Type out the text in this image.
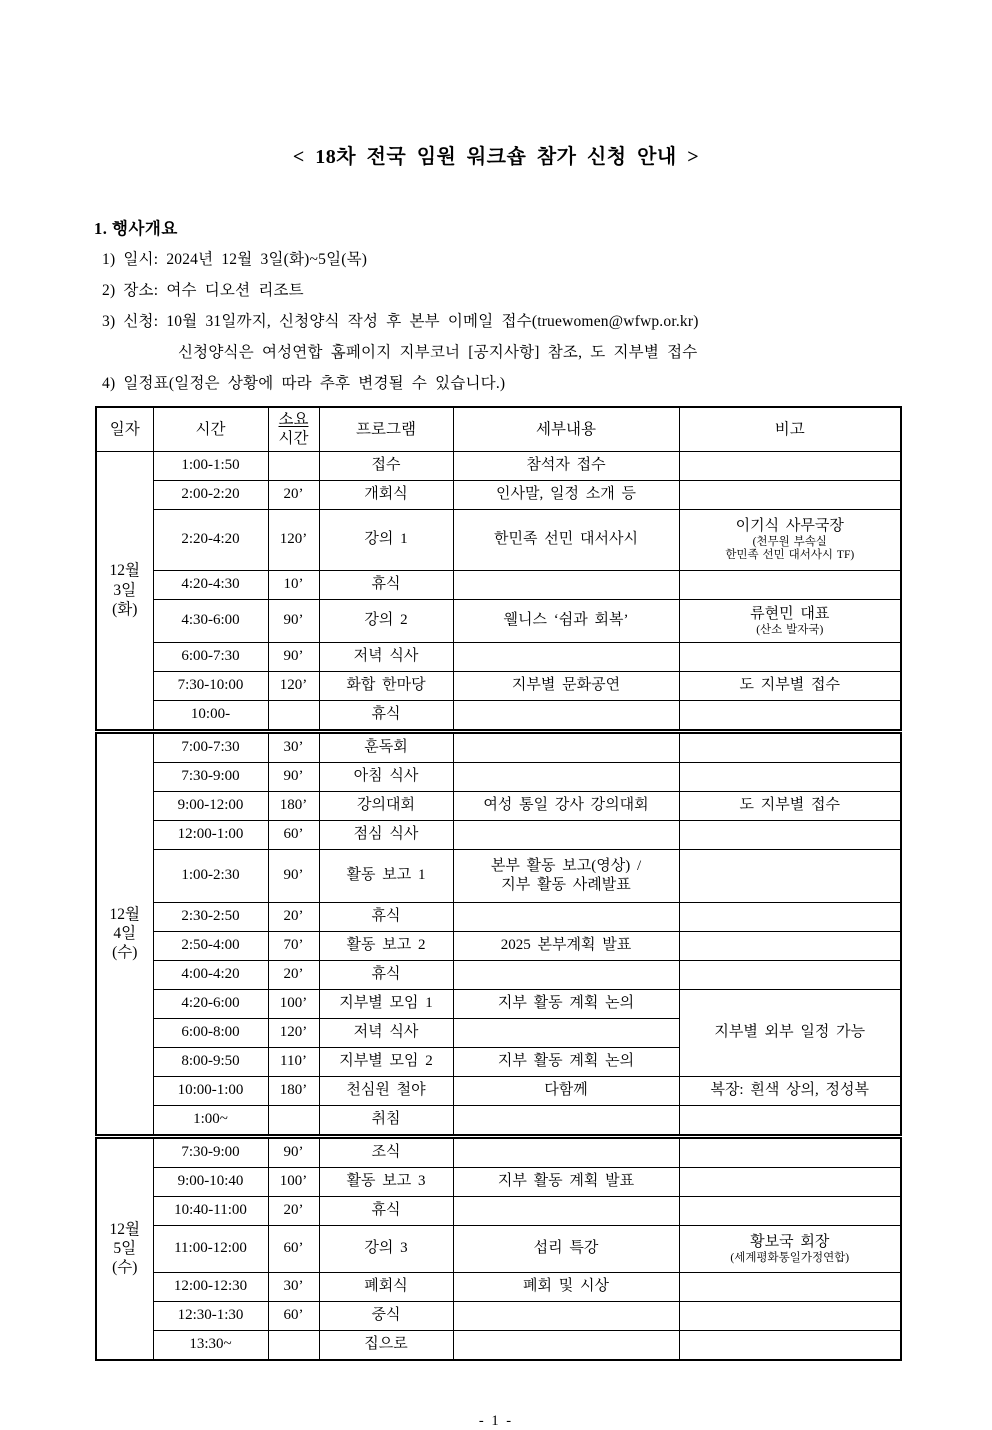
< 18차 전국 임원 워크숍 참가 신청 안내 >
1. 행사개요

1) 일시: 2024년 12월 3일(화)~5일(목)

2) 장소: 여수 디오션 리조트

3) 신청: 10월 31일까지, 신청양식 작성 후 본부 이메일 접수(truewomen@wfwp.or.kr)

신청양식은 여성연합 홈페이지 지부코너 [공지사항] 참조, 도 지부별 접수

4) 일정표(일정은 상황에 따라 추후 변경될 수 있습니다.)

일자	시간	소요
시간	프로그램	세부내용	비고

12월
3일
(화)	1:00-1:50		접수	참석자 접수	
	2:00-2:20	20’	개회식	인사말, 일정 소개 등	
	2:20-4:20	120’	강의 1	한민족 선민 대서사시	이기식 사무국장
(천무원 부속실
한민족 선민 대서사시 TF)

	4:20-4:30	10’	휴식		
	4:30-6:00	90’	강의 2	웰니스 ‘쉼과 회복’	류현민 대표
(산소 발자국)

	6:00-7:30	90’	저녁 식사		
	7:30-10:00	120’	화합 한마당	지부별 문화공연	도 지부별 접수
	10:00-		휴식		

12월
4일
(수)	7:00-7:30	30’	훈독회		
	7:30-9:00	90’	아침 식사		
	9:00-12:00	180’	강의대회	여성 통일 강사 강의대회	도 지부별 접수
	12:00-1:00	60’	점심 식사		
	1:00-2:30	90’	활동 보고 1	본부 활동 보고(영상) /
지부 활동 사례발표	

	2:30-2:50	20’	휴식		
	2:50-4:00	70’	활동 보고 2	2025 본부계획 발표	
	4:00-4:20	20’	휴식		
	4:20-6:00	100’	지부별 모임 1	지부 활동 계획 논의	지부별 외부 일정 가능
	6:00-8:00	120’	저녁 식사		
	8:00-9:50	110’	지부별 모임 2	지부 활동 계획 논의	
	10:00-1:00	180’	천심원 철야	다함께	복장: 흰색 상의, 정성복
	1:00~		취침		

12월
5일
(수)	7:30-9:00	90’	조식		
	9:00-10:40	100’	활동 보고 3	지부 활동 계획 발표	
	10:40-11:00	20’	휴식		
	11:00-12:00	60’	강의 3	섭리 특강	황보국 회장
(세계평화통일가정연합)

	12:00-12:30	30’	폐회식	폐회 및 시상	
	12:30-1:30	60’	중식		
	13:30~		집으로		
- 1 -
